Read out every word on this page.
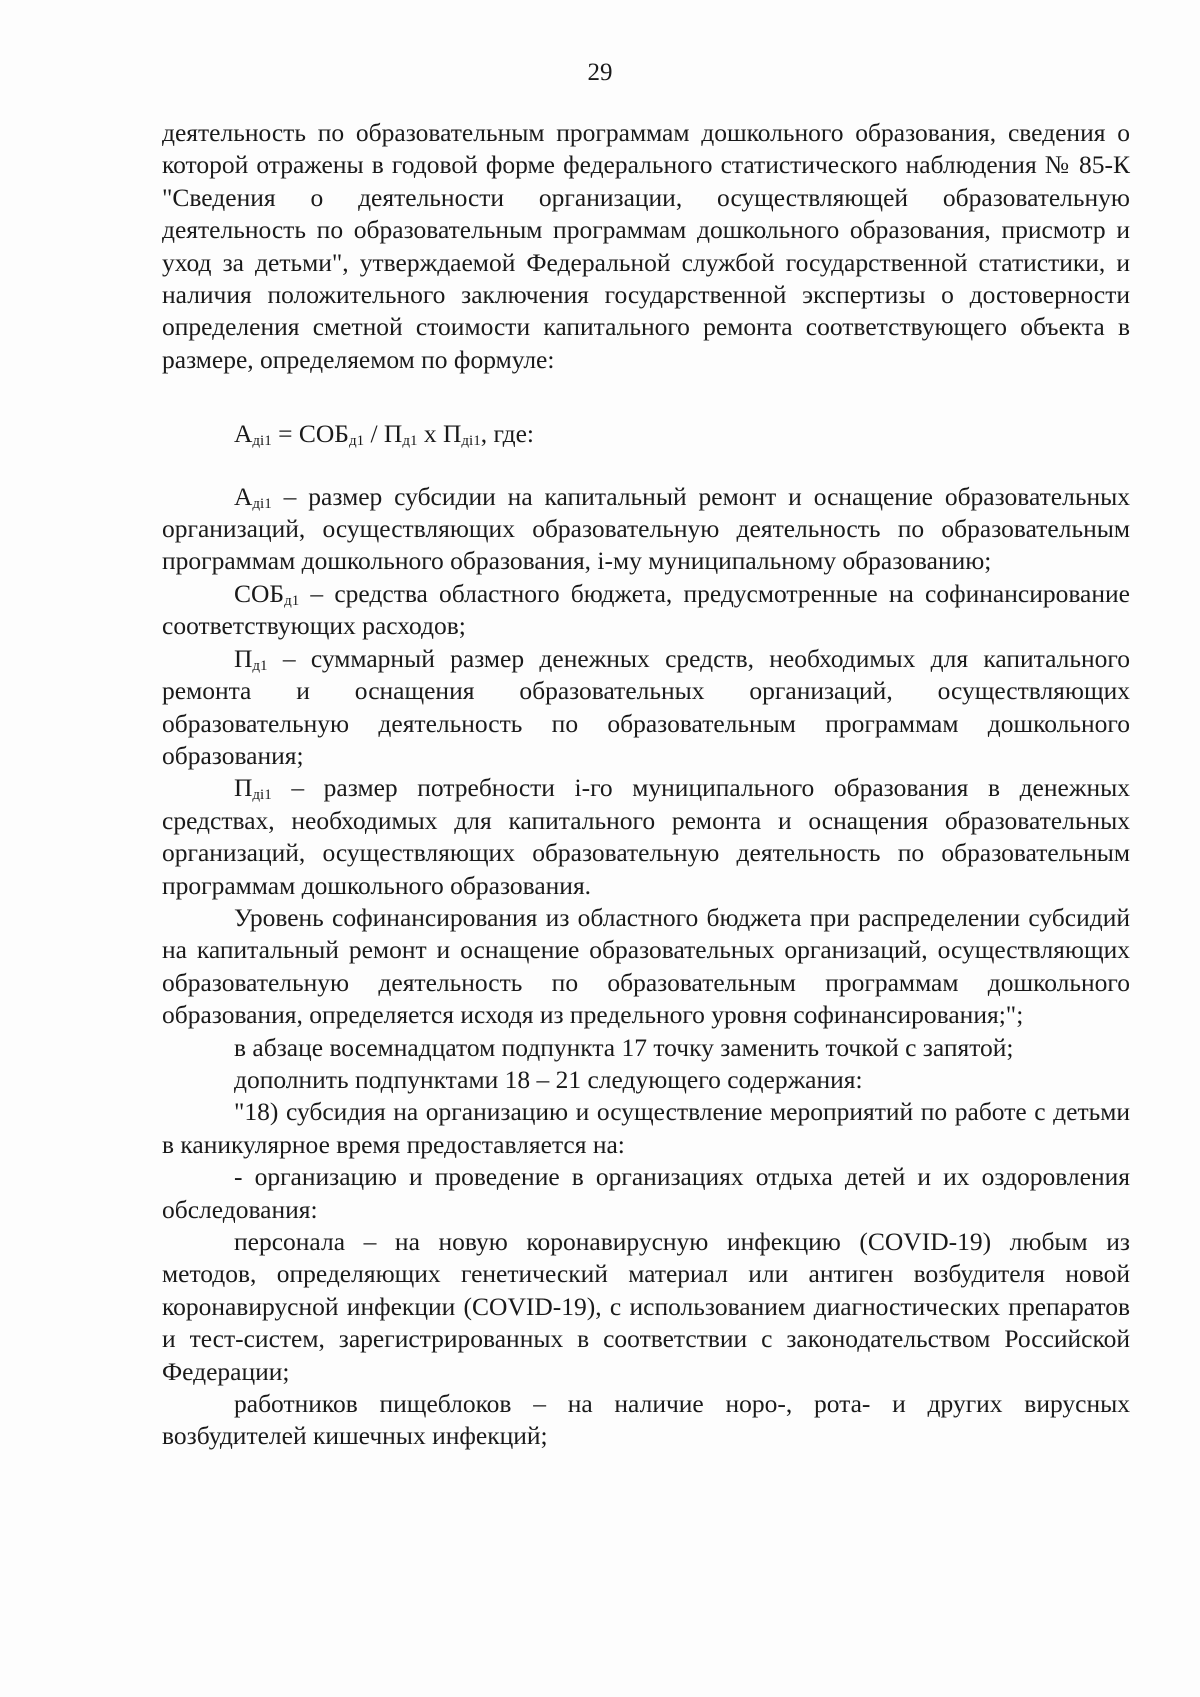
29

деятельность по образовательным программам дошкольного образования, сведения о которой отражены в годовой форме федерального статистического наблюдения № 85-К "Сведения о деятельности организации, осуществляющей образовательную деятельность по образовательным программам дошкольного образования, присмотр и уход за детьми", утверждаемой Федеральной службой государственной статистики, и наличия положительного заключения государственной экспертизы о достоверности определения сметной стоимости капитального ремонта соответствующего объекта в размере, определяемом по формуле:

$А_{дi1} = СОБ_{д1} / П_{д1}$ х $П_{дi1}$, где:

$А_{дi1}$ – размер субсидии на капитальный ремонт и оснащение образовательных организаций, осуществляющих образовательную деятельность по образовательным программам дошкольного образования, i-му муниципальному образованию;

$СОБ_{д1}$ – средства областного бюджета, предусмотренные на софинансирование соответствующих расходов;

$П_{д1}$ – суммарный размер денежных средств, необходимых для капитального ремонта и оснащения образовательных организаций, осуществляющих образовательную деятельность по образовательным программам дошкольного образования;

$П_{дi1}$ – размер потребности i-го муниципального образования в денежных средствах, необходимых для капитального ремонта и оснащения образовательных организаций, осуществляющих образовательную деятельность по образовательным программам дошкольного образования.

Уровень софинансирования из областного бюджета при распределении субсидий на капитальный ремонт и оснащение образовательных организаций, осуществляющих образовательную деятельность по образовательным программам дошкольного образования, определяется исходя из предельного уровня софинансирования;";

в абзаце восемнадцатом подпункта 17 точку заменить точкой с запятой;

дополнить подпунктами 18 – 21 следующего содержания:

"18) субсидия на организацию и осуществление мероприятий по работе с детьми в каникулярное время предоставляется на:

- организацию и проведение в организациях отдыха детей и их оздоровления обследования:

персонала – на новую коронавирусную инфекцию (COVID-19) любым из методов, определяющих генетический материал или антиген возбудителя новой коронавирусной инфекции (COVID-19), с использованием диагностических препаратов и тест-систем, зарегистрированных в соответствии с законодательством Российской Федерации;

работников пищеблоков – на наличие норо-, рота- и других вирусных возбудителей кишечных инфекций;
